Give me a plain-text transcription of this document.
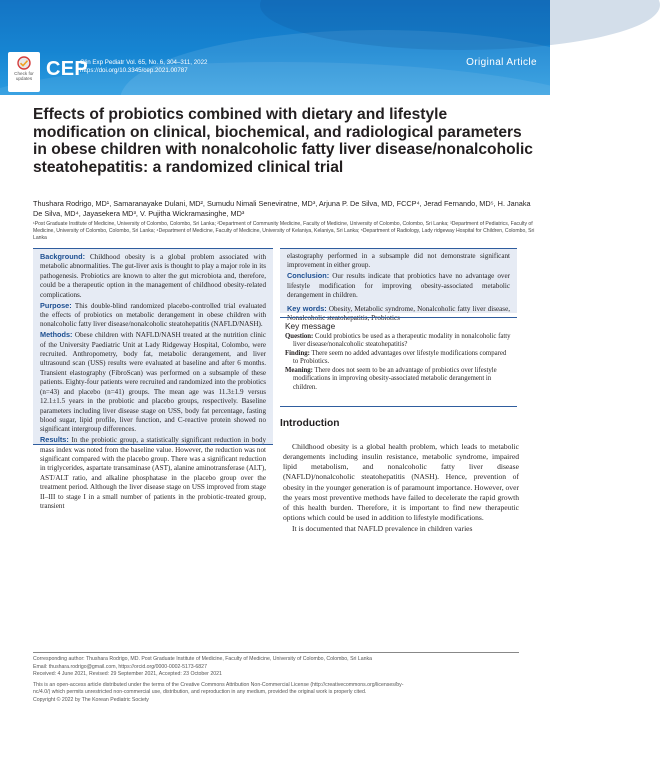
Check for updates CEP
Clin Exp Pediatr Vol. 65, No. 6, 304–311, 2022
https://doi.org/10.3345/cep.2021.00787
Original Article
Effects of probiotics combined with dietary and lifestyle modification on clinical, biochemical, and radiological parameters in obese children with nonalcoholic fatty liver disease/nonalcoholic steatohepatitis: a randomized clinical trial
Thushara Rodrigo, MD¹, Samaranayake Dulani, MD², Sumudu Nimali Seneviratne, MD³, Arjuna P. De Silva, MD, FCCP⁴, Jerad Fernando, MD⁵, H. Janaka De Silva, MD⁴, Jayasekera MD³, V. Pujitha Wickramasinghe, MD³
¹Post Graduate Institute of Medicine, University of Colombo, Colombo, Sri Lanka; ²Department of Community Medicine, Faculty of Medicine, University of Colombo, Colombo, Sri Lanka; ³Department of Pediatrics, Faculty of Medicine, University of Colombo, Colombo, Sri Lanka; ⁴Department of Medicine, Faculty of Medicine, University of Kelaniya, Kelaniya, Sri Lanka; ⁵Department of Radiology, Lady ridgeway Hospital for Children, Colombo, Sri Lanka

Background: Childhood obesity is a global problem associated with metabolic abnormalities. The gut-liver axis is thought to play a major role in its pathogenesis. Probiotics are known to alter the gut microbiota and, therefore, could be a therapeutic option in the management of childhood obesity-related complications.

Purpose: This double-blind randomized placebo-controlled trial evaluated the effects of probiotics on metabolic derangement in obese children with nonalcoholic fatty liver disease/nonalcoholic steatohepatitis (NAFLD/NASH).

Methods: Obese children with NAFLD/NASH treated at the nutrition clinic of the University Paediatric Unit at Lady Ridgeway Hospital, Colombo, were recruited. Anthropometry, body fat, metabolic derangement, and liver ultrasound scan (USS) results were evaluated at baseline and after 6 months. Transient elastography (FibroScan) was performed on a subsample of these patients. Eighty-four patients were recruited and randomized into the probiotics (n=43) and placebo (n=41) groups. The mean age was 11.3±1.9 versus 12.1±1.5 years in the probiotic and placebo groups, respectively. Baseline parameters including liver disease stage on USS, body fat percentage, fasting blood sugar, lipid profile, liver function, and C-reactive protein showed no significant intergroup differences.

Results: In the probiotic group, a statistically significant reduction in body mass index was noted from the baseline value. However, the reduction was not significant compared with the placebo group. There was a significant reduction in triglycerides, aspartate transaminase (AST), alanine aminotransferase (ALT), AST/ALT ratio, and alkaline phosphatase in the placebo group over the treatment period. Although the liver disease stage on USS improved from stage II–III to stage I in a small number of patients in the probiotic-treated group, transient

elastography performed in a subsample did not demonstrate significant improvement in either group.

Conclusion: Our results indicate that probiotics have no advantage over lifestyle modification for improving obesity-associated metabolic derangement in children.

Key words: Obesity, Metabolic syndrome, Nonalcoholic fatty liver disease, Nonalcoholic steatohepatitis, Probiotics

Key message

Question: Could probiotics be used as a therapeutic modality in nonalcoholic fatty liver disease/nonalcoholic steatohepatitis?

Finding: There seem no added advantages over lifestyle modifications compared to Probiotics.

Meaning: There does not seem to be an advantage of probiotics over lifestyle modifications in improving obesity-associated metabolic derangement in children.

Introduction

Childhood obesity is a global health problem, which leads to metabolic derangements including insulin resistance, metabolic syndrome, impaired lipid metabolism, and nonalcoholic fatty liver disease (NAFLD)/nonalcoholic steatohepatitis (NASH). Hence, prevention of obesity in the younger generation is of paramount importance. However, over the years most preventive methods have failed to decelerate the rapid growth of this health burden. Therefore, it is important to find new therapeutic options which could be used in addition to lifestyle modifications.

It is documented that NAFLD prevalence in children varies

Corresponding author: Thushara Rodrigo, MD. Post Graduate Institute of Medicine, Faculty of Medicine, University of Colombo, Colombo, Sri Lanka

Email: thushara.rodrigo@gmail.com, https://orcid.org/0000-0002-5173-6827

Received: 4 June 2021, Revised: 29 September 2021, Accepted: 23 October 2021

This is an open-access article distributed under the terms of the Creative Commons Attribution Non-Commercial License (http://creativecommons.org/licenses/by-

nc/4.0/) which permits unrestricted non-commercial use, distribution, and reproduction in any medium, provided the original work is properly cited.

Copyright © 2022 by The Korean Pediatric Society
